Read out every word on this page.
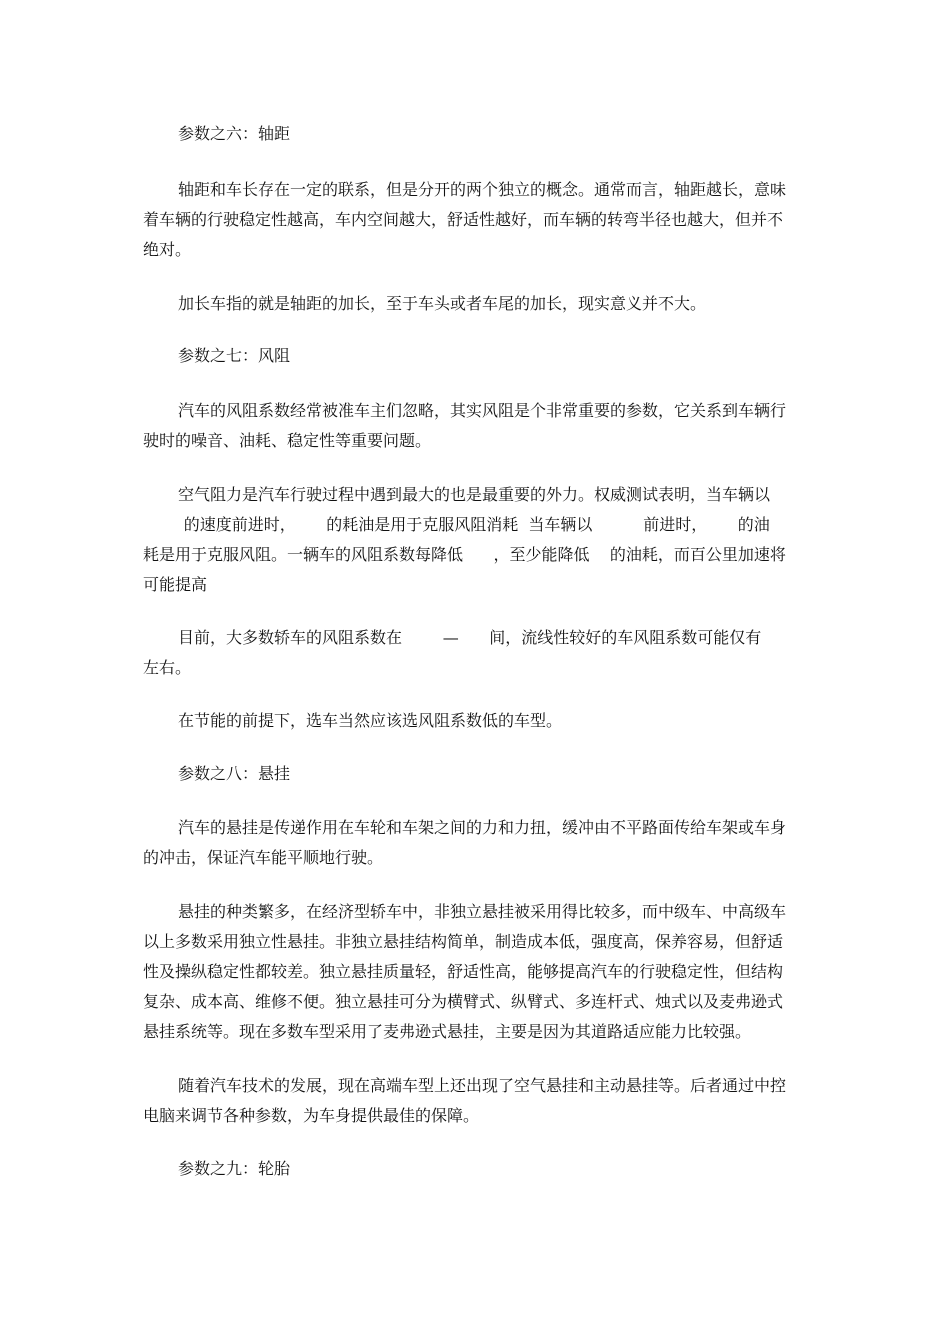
参数之六：轴距
轴距和车长存在一定的联系，但是分开的两个独立的概念。通常而言，轴距越长，意味
着车辆的行驶稳定性越高，车内空间越大，舒适性越好，而车辆的转弯半径也越大，但并不
绝对。
加长车指的就是轴距的加长，至于车头或者车尾的加长，现实意义并不大。
参数之七：风阻
汽车的风阻系数经常被准车主们忽略，其实风阻是个非常重要的参数，它关系到车辆行
驶时的噪音、油耗、稳定性等重要问题。
空气阻力是汽车行驶过程中遇到最大的也是最重要的外力。权威测试表明，当车辆以
的速度前进时，      的耗油是用于克服风阻消耗  当车辆以          前进时，      的油
耗是用于克服风阻。一辆车的风阻系数每降低      ，至少能降低    的油耗，而百公里加速将
可能提高
目前，大多数轿车的风阻系数在        —      间，流线性较好的车风阻系数可能仅有
左右。
在节能的前提下，选车当然应该选风阻系数低的车型。
参数之八：悬挂
汽车的悬挂是传递作用在车轮和车架之间的力和力扭，缓冲由不平路面传给车架或车身
的冲击，保证汽车能平顺地行驶。
悬挂的种类繁多，在经济型轿车中，非独立悬挂被采用得比较多，而中级车、中高级车
以上多数采用独立性悬挂。非独立悬挂结构简单，制造成本低，强度高，保养容易，但舒适
性及操纵稳定性都较差。独立悬挂质量轻，舒适性高，能够提高汽车的行驶稳定性，但结构
复杂、成本高、维修不便。独立悬挂可分为横臂式、纵臂式、多连杆式、烛式以及麦弗逊式
悬挂系统等。现在多数车型采用了麦弗逊式悬挂，主要是因为其道路适应能力比较强。
随着汽车技术的发展，现在高端车型上还出现了空气悬挂和主动悬挂等。后者通过中控
电脑来调节各种参数，为车身提供最佳的保障。
参数之九：轮胎
